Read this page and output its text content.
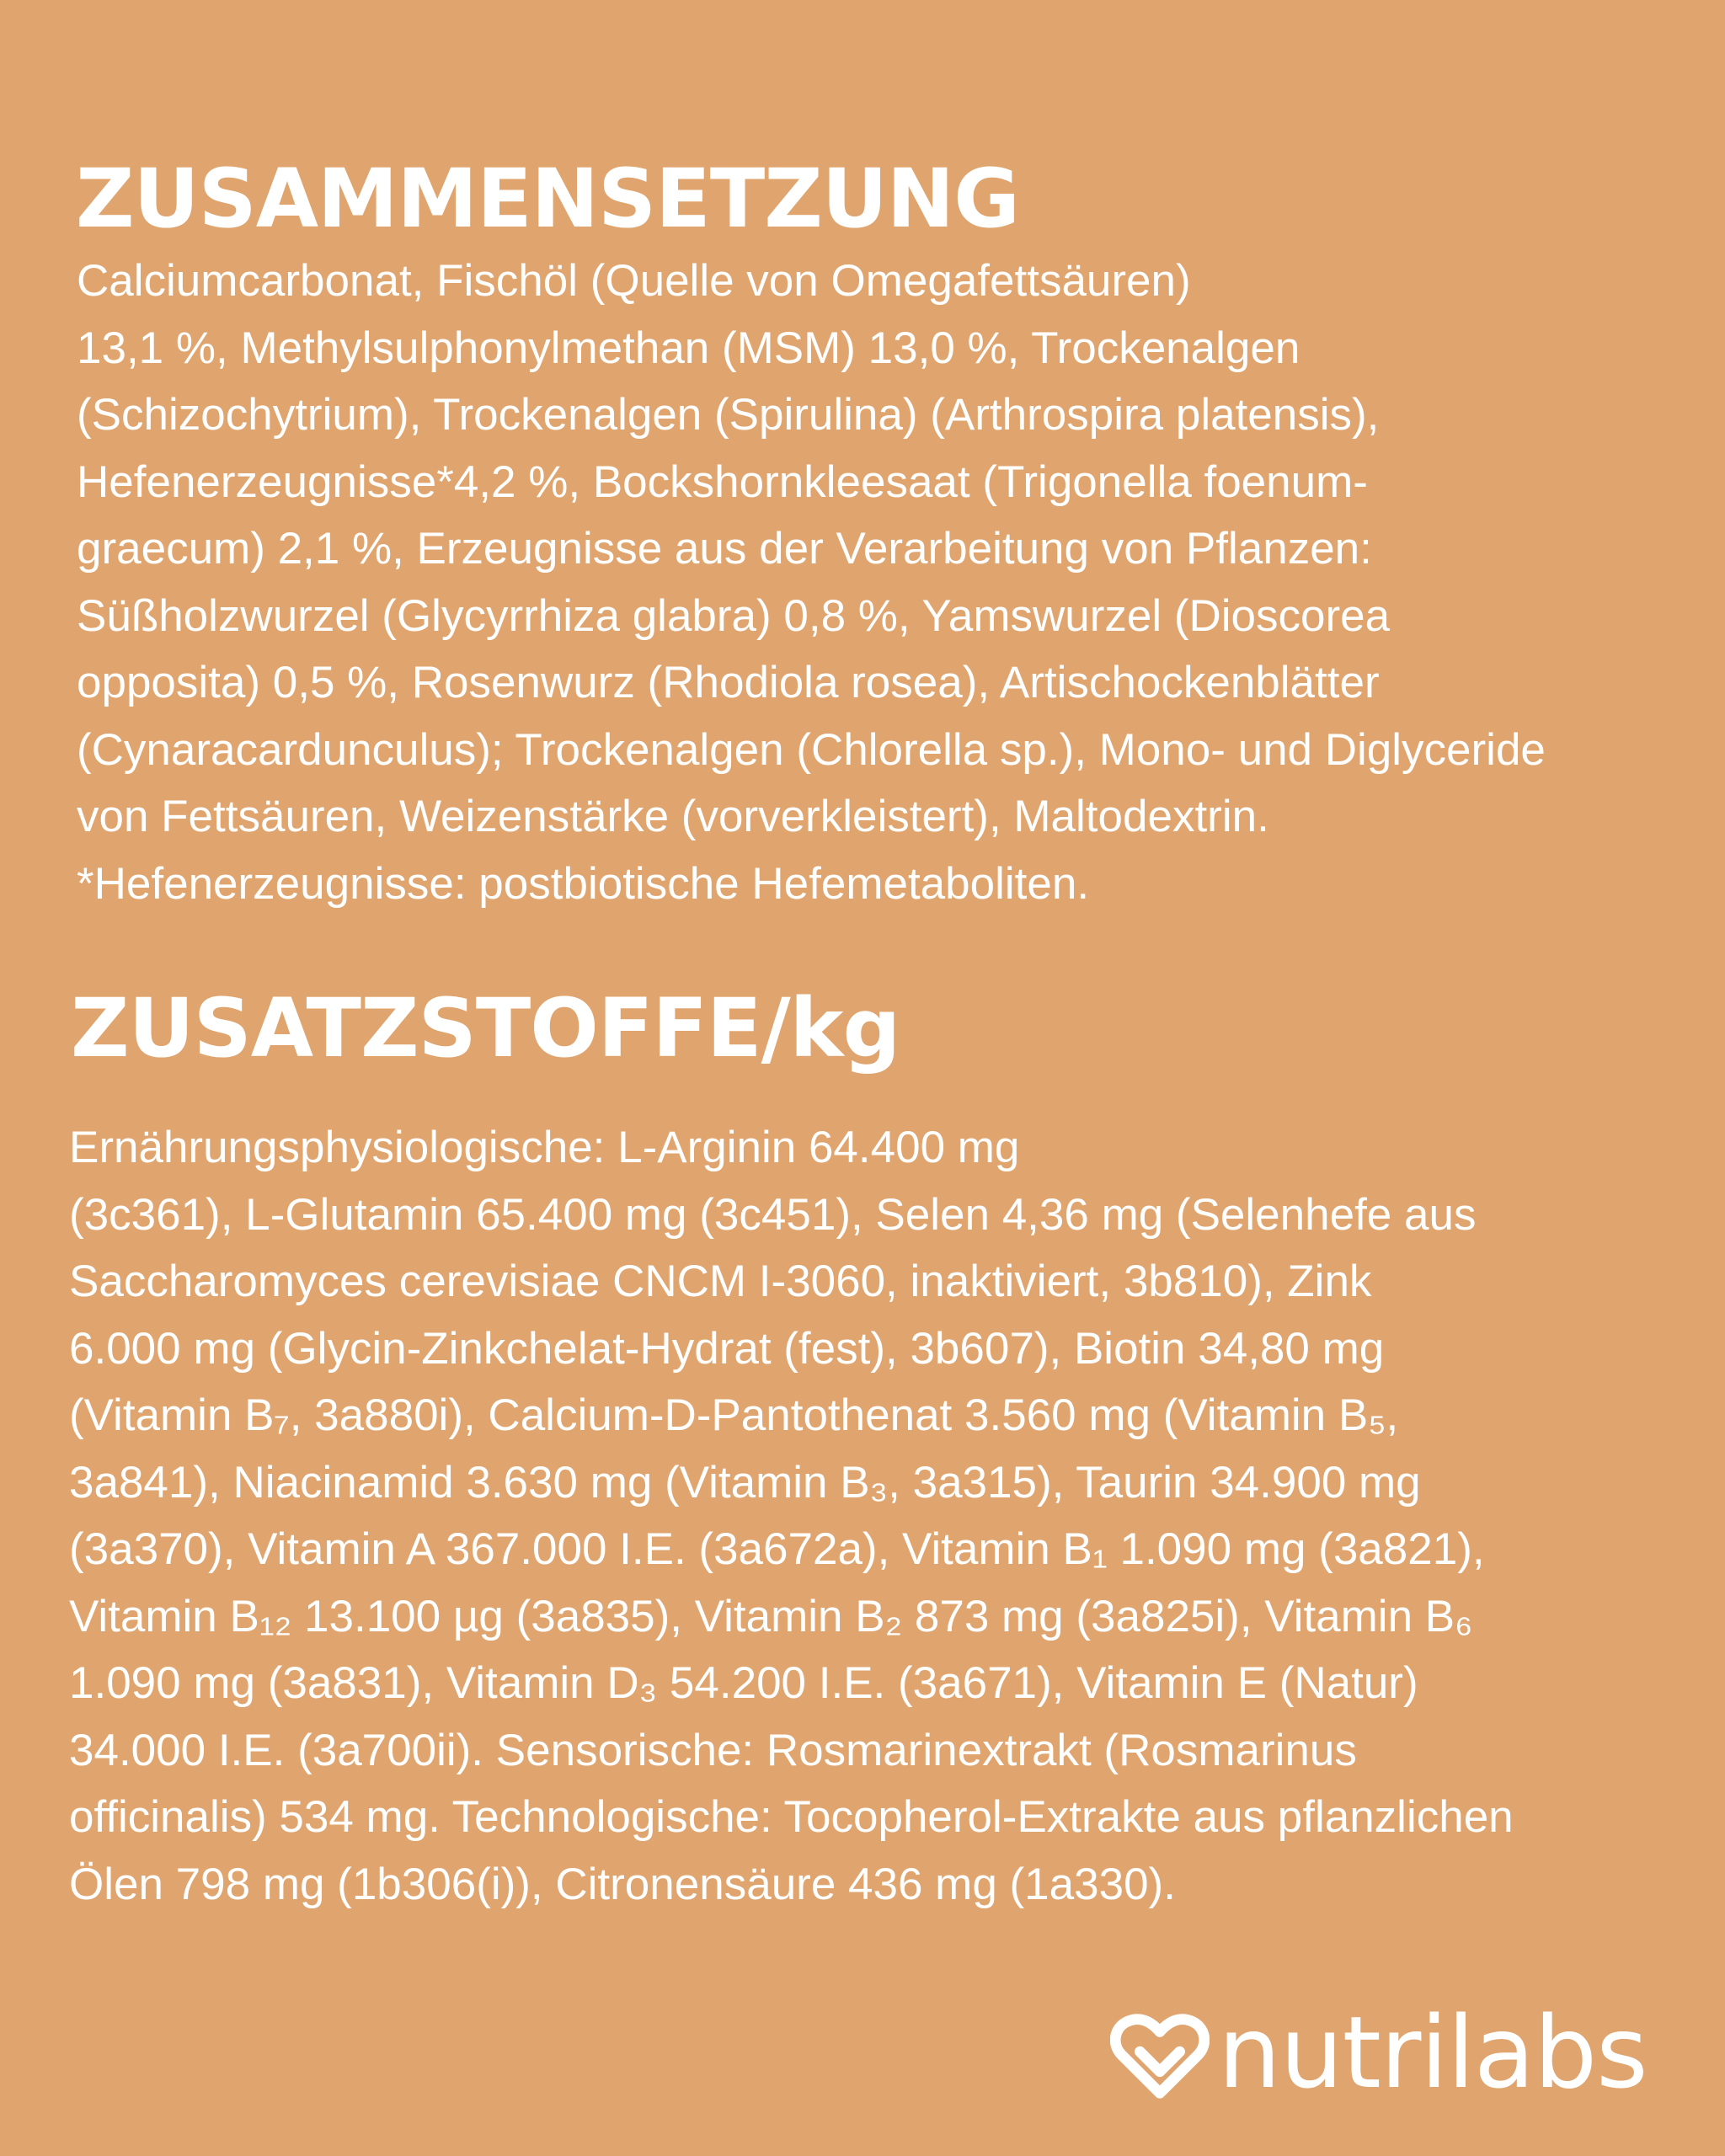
ZUSAMMENSETZUNG

Calciumcarbonat, Fischöl (Quelle von Omegafettsäuren)
13,1 %, Methylsulphonylmethan (MSM) 13,0 %, Trockenalgen
(Schizochytrium), Trockenalgen (Spirulina) (Arthrospira platensis),
Hefenerzeugnisse*4,2 %, Bockshornkleesaat (Trigonella foenum-
graecum) 2,1 %, Erzeugnisse aus der Verarbeitung von Pflanzen:
Süßholzwurzel (Glycyrrhiza glabra) 0,8 %, Yamswurzel (Dioscorea
opposita) 0,5 %, Rosenwurz (Rhodiola rosea), Artischockenblätter
(Cynaracardunculus); Trockenalgen (Chlorella sp.), Mono- und Diglyceride
von Fettsäuren, Weizenstärke (vorverkleistert), Maltodextrin.
*Hefenerzeugnisse: postbiotische Hefemetaboliten.

ZUSATZSTOFFE/kg

Ernährungsphysiologische: L-Arginin 64.400 mg
(3c361), L-Glutamin 65.400 mg (3c451), Selen 4,36 mg (Selenhefe aus
Saccharomyces cerevisiae CNCM I-3060, inaktiviert, 3b810), Zink
6.000 mg (Glycin-Zinkchelat-Hydrat (fest), 3b607), Biotin 34,80 mg
(Vitamin B₇, 3a880i), Calcium-D-Pantothenat 3.560 mg (Vitamin B₅,
3a841), Niacinamid 3.630 mg (Vitamin B₃, 3a315), Taurin 34.900 mg
(3a370), Vitamin A 367.000 I.E. (3a672a), Vitamin B₁ 1.090 mg (3a821),
Vitamin B₁₂ 13.100 µg (3a835), Vitamin B₂ 873 mg (3a825i), Vitamin B₆
1.090 mg (3a831), Vitamin D₃ 54.200 I.E. (3a671), Vitamin E (Natur)
34.000 I.E. (3a700ii). Sensorische: Rosmarinextrakt (Rosmarinus
officinalis) 534 mg. Technologische: Tocopherol-Extrakte aus pflanzlichen
Ölen 798 mg (1b306(i)), Citronensäure 436 mg (1a330).

nutrilabs
